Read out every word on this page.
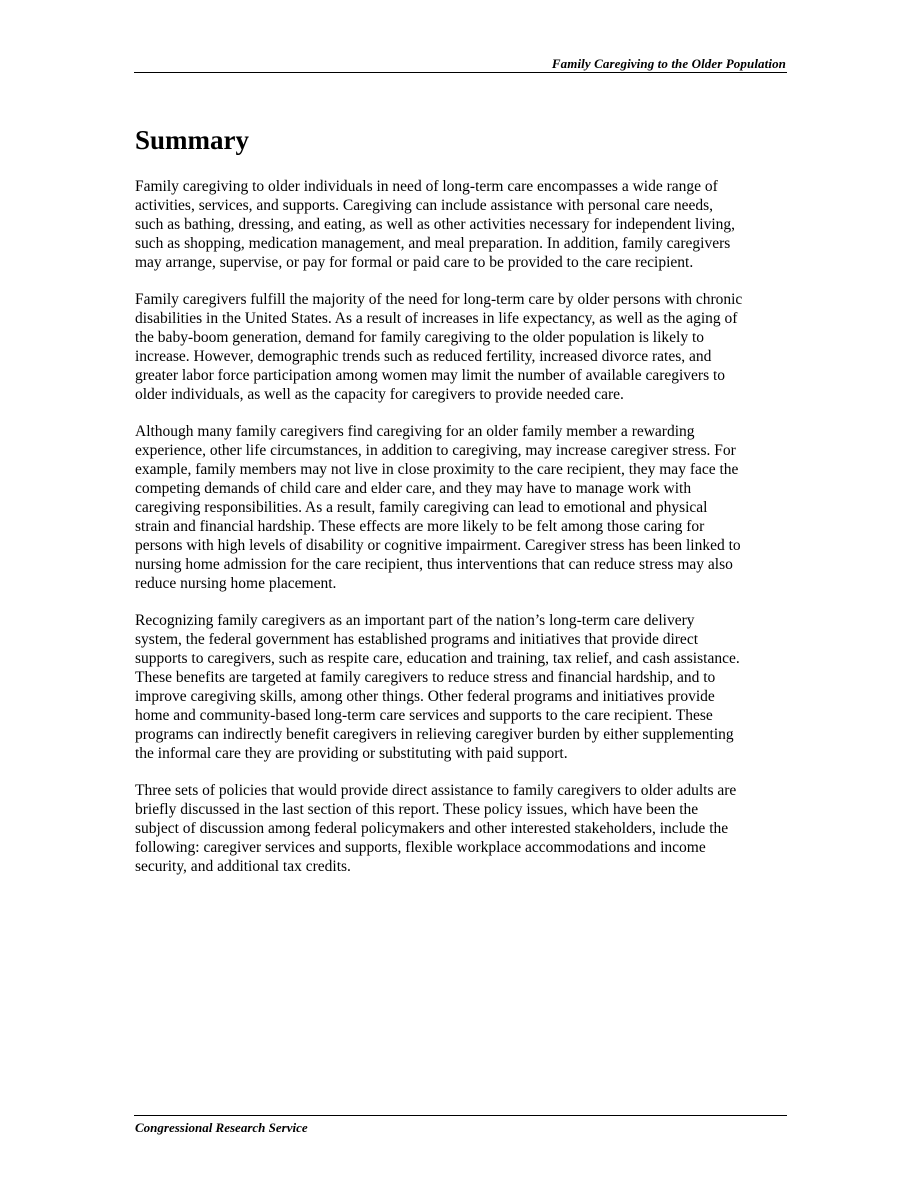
Family Caregiving to the Older Population
Summary

Family caregiving to older individuals in need of long-term care encompasses a wide range of
activities, services, and supports. Caregiving can include assistance with personal care needs,
such as bathing, dressing, and eating, as well as other activities necessary for independent living,
such as shopping, medication management, and meal preparation. In addition, family caregivers
may arrange, supervise, or pay for formal or paid care to be provided to the care recipient.

Family caregivers fulfill the majority of the need for long-term care by older persons with chronic
disabilities in the United States. As a result of increases in life expectancy, as well as the aging of
the baby-boom generation, demand for family caregiving to the older population is likely to
increase. However, demographic trends such as reduced fertility, increased divorce rates, and
greater labor force participation among women may limit the number of available caregivers to
older individuals, as well as the capacity for caregivers to provide needed care.

Although many family caregivers find caregiving for an older family member a rewarding
experience, other life circumstances, in addition to caregiving, may increase caregiver stress. For
example, family members may not live in close proximity to the care recipient, they may face the
competing demands of child care and elder care, and they may have to manage work with
caregiving responsibilities. As a result, family caregiving can lead to emotional and physical
strain and financial hardship. These effects are more likely to be felt among those caring for
persons with high levels of disability or cognitive impairment. Caregiver stress has been linked to
nursing home admission for the care recipient, thus interventions that can reduce stress may also
reduce nursing home placement.

Recognizing family caregivers as an important part of the nation’s long-term care delivery
system, the federal government has established programs and initiatives that provide direct
supports to caregivers, such as respite care, education and training, tax relief, and cash assistance.
These benefits are targeted at family caregivers to reduce stress and financial hardship, and to
improve caregiving skills, among other things. Other federal programs and initiatives provide
home and community-based long-term care services and supports to the care recipient. These
programs can indirectly benefit caregivers in relieving caregiver burden by either supplementing
the informal care they are providing or substituting with paid support.

Three sets of policies that would provide direct assistance to family caregivers to older adults are
briefly discussed in the last section of this report. These policy issues, which have been the
subject of discussion among federal policymakers and other interested stakeholders, include the
following: caregiver services and supports, flexible workplace accommodations and income
security, and additional tax credits.

Congressional Research Service
